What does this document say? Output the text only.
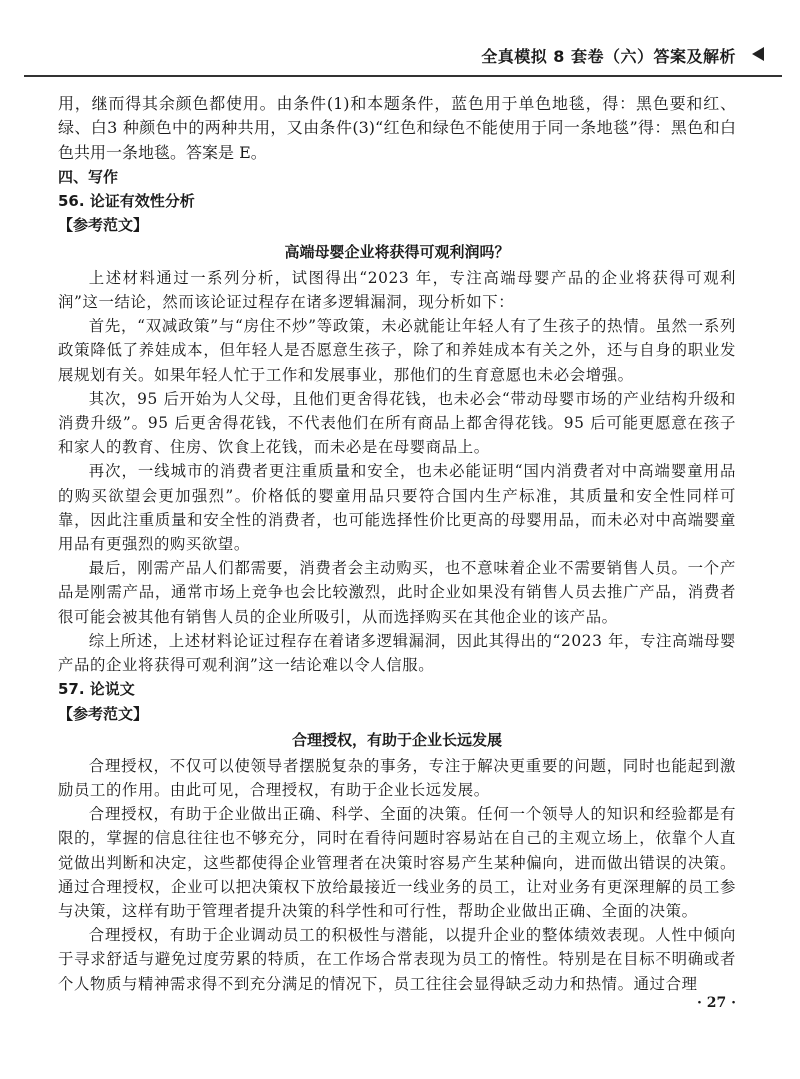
全真模拟 8 套卷（六）答案及解析

用，继而得其余颜色都使用。由条件(1)和本题条件，蓝色用于单色地毯，得：黑色要和红、绿、白3 种颜色中的两种共用，又由条件(3)“红色和绿色不能使用于同一条地毯”得：黑色和白色共用一条地毯。答案是 E。

四、写作

56. 论证有效性分析

【参考范文】

高端母婴企业将获得可观利润吗？

上述材料通过一系列分析，试图得出“2023 年，专注高端母婴产品的企业将获得可观利润”这一结论，然而该论证过程存在诸多逻辑漏洞，现分析如下：

首先，“双减政策”与“房住不炒”等政策，未必就能让年轻人有了生孩子的热情。虽然一系列政策降低了养娃成本，但年轻人是否愿意生孩子，除了和养娃成本有关之外，还与自身的职业发展规划有关。如果年轻人忙于工作和发展事业，那他们的生育意愿也未必会增强。

其次，95 后开始为人父母，且他们更舍得花钱，也未必会“带动母婴市场的产业结构升级和消费升级”。95 后更舍得花钱，不代表他们在所有商品上都舍得花钱。95 后可能更愿意在孩子和家人的教育、住房、饮食上花钱，而未必是在母婴商品上。

再次，一线城市的消费者更注重质量和安全，也未必能证明“国内消费者对中高端婴童用品的购买欲望会更加强烈”。价格低的婴童用品只要符合国内生产标准，其质量和安全性同样可靠，因此注重质量和安全性的消费者，也可能选择性价比更高的母婴用品，而未必对中高端婴童用品有更强烈的购买欲望。

最后，刚需产品人们都需要，消费者会主动购买，也不意味着企业不需要销售人员。一个产品是刚需产品，通常市场上竞争也会比较激烈，此时企业如果没有销售人员去推广产品，消费者很可能会被其他有销售人员的企业所吸引，从而选择购买在其他企业的该产品。

综上所述，上述材料论证过程存在着诸多逻辑漏洞，因此其得出的“2023 年，专注高端母婴产品的企业将获得可观利润”这一结论难以令人信服。

57. 论说文

【参考范文】

合理授权，有助于企业长远发展

合理授权，不仅可以使领导者摆脱复杂的事务，专注于解决更重要的问题，同时也能起到激励员工的作用。由此可见，合理授权，有助于企业长远发展。

合理授权，有助于企业做出正确、科学、全面的决策。任何一个领导人的知识和经验都是有限的，掌握的信息往往也不够充分，同时在看待问题时容易站在自己的主观立场上，依靠个人直觉做出判断和决定，这些都使得企业管理者在决策时容易产生某种偏向，进而做出错误的决策。通过合理授权，企业可以把决策权下放给最接近一线业务的员工，让对业务有更深理解的员工参与决策，这样有助于管理者提升决策的科学性和可行性，帮助企业做出正确、全面的决策。

合理授权，有助于企业调动员工的积极性与潜能，以提升企业的整体绩效表现。人性中倾向于寻求舒适与避免过度劳累的特质，在工作场合常表现为员工的惰性。特别是在目标不明确或者个人物质与精神需求得不到充分满足的情况下，员工往往会显得缺乏动力和热情。通过合理

· 27 ·
